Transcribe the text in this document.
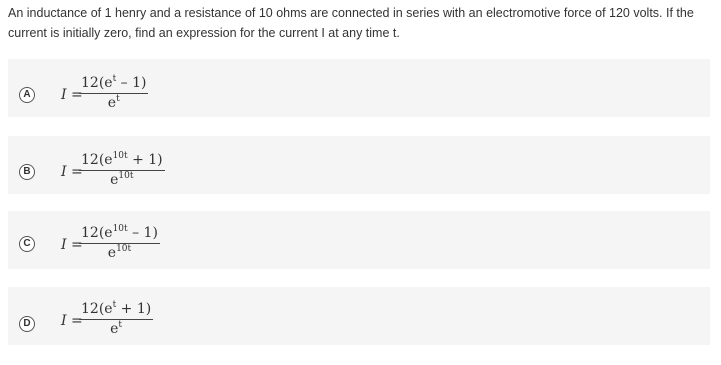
An inductance of 1 henry and a resistance of 10 ohms are connected in series with an electromotive force of 120 volts. If the current is initially zero, find an expression for the current I at any time t.
A	I =
$\frac{12(e^t - 1)}{e^t}$
B	I =
$\frac{12(e^{10t} + 1)}{e^{10t}}$
C	I =
$\frac{12(e^{10t} - 1)}{e^{10t}}$
D	I =
$\frac{12(e^t + 1)}{e^t}$
